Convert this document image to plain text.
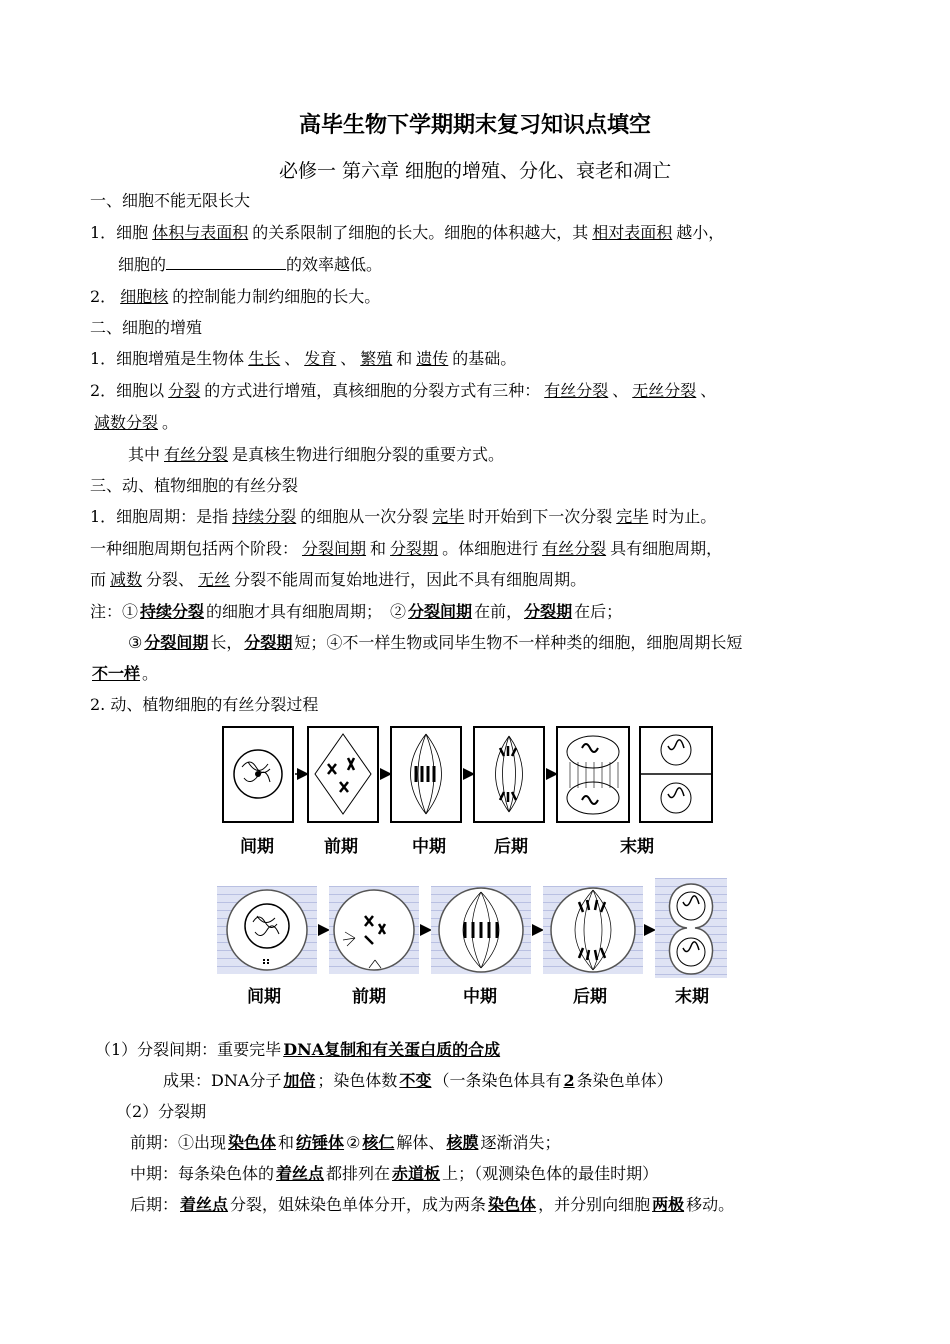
高毕生物下学期期末复习知识点填空
必修一 第六章 细胞的增殖、分化、衰老和凋亡
一、细胞不能无限长大
1．细胞 体积与表面积 的关系限制了细胞的长大。细胞的体积越大，其 相对表面积 越小，
细胞的	的效率越低。
2． 细胞核 的控制能力制约细胞的长大。
二、细胞的增殖
1．细胞增殖是生物体 生长 、 发育 、 繁殖 和 遗传 的基础。
2．细胞以 分裂 的方式进行增殖，真核细胞的分裂方式有三种： 有丝分裂 、 无丝分裂 、
减数分裂 。
其中 有丝分裂 是真核生物进行细胞分裂的重要方式。
三、动、植物细胞的有丝分裂
1．细胞周期：是指 持续分裂 的细胞从一次分裂 完毕 时开始到下一次分裂 完毕 时为止。
一种细胞周期包括两个阶段： 分裂间期 和 分裂期 。体细胞进行 有丝分裂 具有细胞周期，
而 减数 分裂、 无丝 分裂不能周而复始地进行，因此不具有细胞周期。
注：① 持续分裂 的细胞才具有细胞周期；　② 分裂间期 在前， 分裂期 在后；
③ 分裂间期 长， 分裂期 短；④不一样生物或同毕生物不一样种类的细胞，细胞周期长短
不一样 。
2. 动、植物细胞的有丝分裂过程
间期	前期	中期	后期	末期
间期	前期	中期	后期	末期
（1）分裂间期：重要完毕 DNA复制和有关蛋白质的合成
成果：DNA分子 加倍 ；染色体数 不变 （一条染色体具有 2 条染色单体）
（2）分裂期
前期：①出现 染色体 和 纺锤体 ② 核仁 解体、 核膜 逐渐消失；
中期：每条染色体的 着丝点 都排列在 赤道板 上；（观测染色体的最佳时期）
后期： 着丝点 分裂，姐妹染色单体分开，成为两条 染色体 ，并分别向细胞 两极 移动。
